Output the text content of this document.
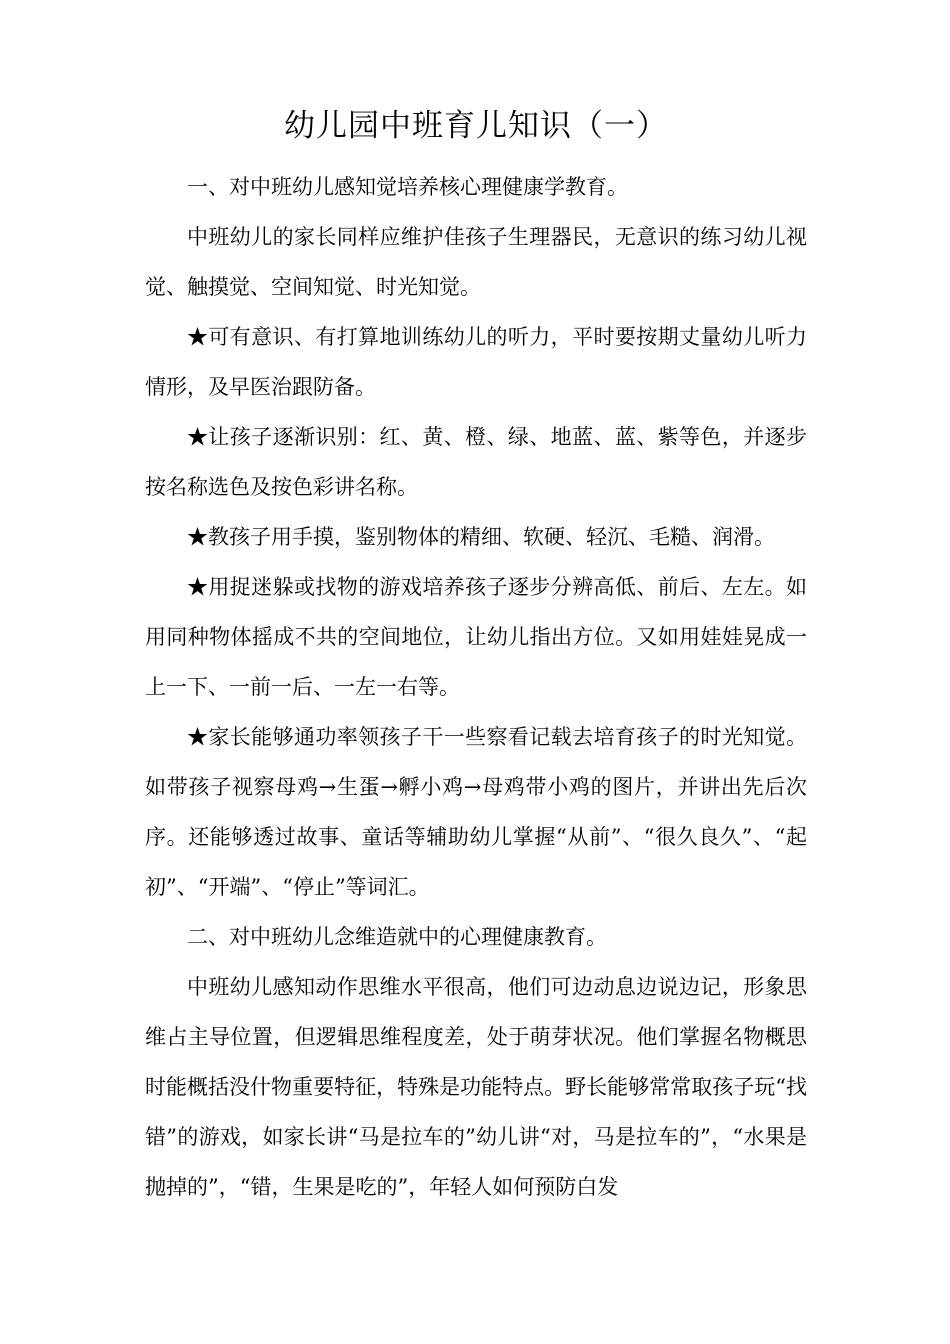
幼儿园中班育儿知识（一）

一、对中班幼儿感知觉培养核心理健康学教育。

中班幼儿的家长同样应维护佳孩子生理器民，无意识的练习幼儿视觉、触摸觉、空间知觉、时光知觉。

★可有意识、有打算地训练幼儿的听力，平时要按期丈量幼儿听力情形，及早医治跟防备。

★让孩子逐渐识别：红、黄、橙、绿、地蓝、蓝、紫等色，并逐步按名称选色及按色彩讲名称。

★教孩子用手摸，鉴别物体的精细、软硬、轻沉、毛糙、润滑。

★用捉迷躲或找物的游戏培养孩子逐步分辨高低、前后、左左。如用同种物体摇成不共的空间地位，让幼儿指出方位。又如用娃娃晃成一上一下、一前一后、一左一右等。

★家长能够通功率领孩子干一些察看记载去培育孩子的时光知觉。如带孩子视察母鸡→生蛋→孵小鸡→母鸡带小鸡的图片，并讲出先后次序。还能够透过故事、童话等辅助幼儿掌握“从前”、“很久良久”、“起初”、“开端”、“停止”等词汇。

二、对中班幼儿念维造就中的心理健康教育。

中班幼儿感知动作思维水平很高，他们可边动息边说边记，形象思维占主导位置，但逻辑思维程度差，处于萌芽状况。他们掌握名物概思时能概括没什物重要特征，特殊是功能特点。野长能够常常取孩子玩“找错”的游戏，如家长讲“马是拉车的”幼儿讲“对，马是拉车的”，“水果是抛掉的”，“错，生果是吃的”，年轻人如何预防白发
